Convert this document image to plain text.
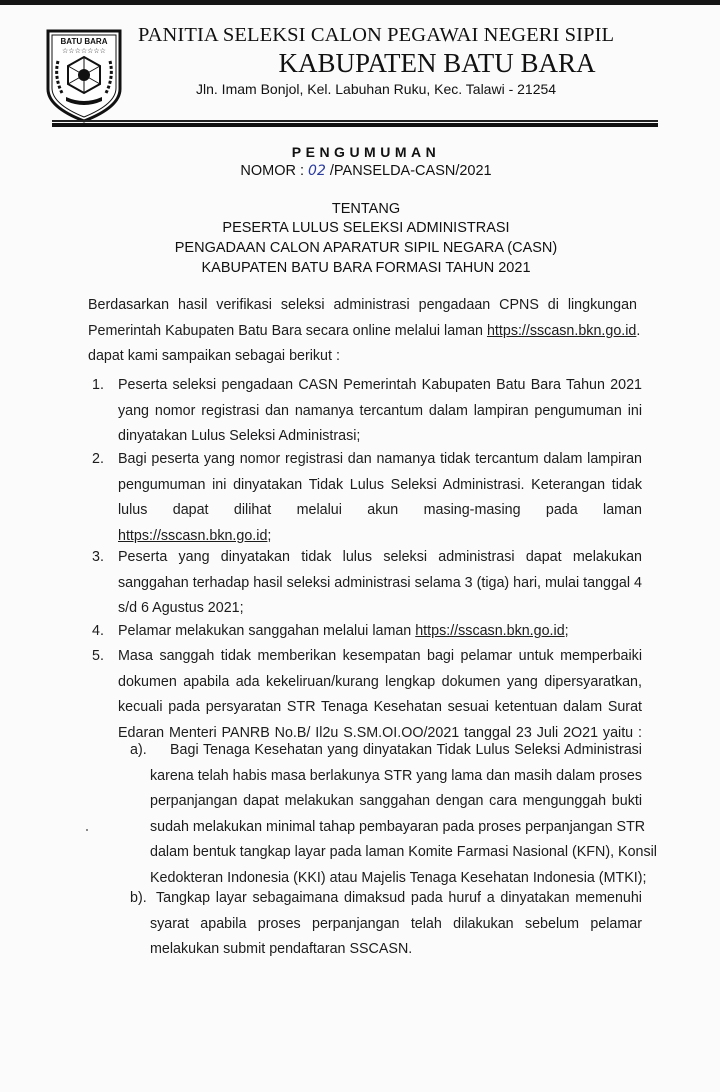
BATU BARA
☆☆☆☆☆☆☆
PANITIA SELEKSI CALON PEGAWAI NEGERI SIPIL
KABUPATEN BATU BARA
Jln. Imam Bonjol, Kel. Labuhan Ruku, Kec. Talawi - 21254
PENGUMUMAN
NOMOR : 02 /PANSELDA-CASN/2021
TENTANG
PESERTA LULUS SELEKSI ADMINISTRASI
PENGADAAN CALON APARATUR SIPIL NEGARA (CASN)
KABUPATEN BATU BARA FORMASI TAHUN 2021
Berdasarkan hasil verifikasi seleksi administrasi pengadaan CPNS di lingkungan
Pemerintah Kabupaten Batu Bara secara online melalui laman https://sscasn.bkn.go.id.
dapat kami sampaikan sebagai berikut :
1. Peserta seleksi pengadaan CASN Pemerintah Kabupaten Batu Bara Tahun 2021
yang nomor registrasi dan namanya tercantum dalam lampiran pengumuman ini
dinyatakan Lulus Seleksi Administrasi;
2. Bagi peserta yang nomor registrasi dan namanya tidak tercantum dalam lampiran
pengumuman ini dinyatakan Tidak Lulus Seleksi Administrasi. Keterangan tidak
lulus dapat dilihat melalui akun masing-masing pada laman
https://sscasn.bkn.go.id;
3. Peserta yang dinyatakan tidak lulus seleksi administrasi dapat melakukan
sanggahan terhadap hasil seleksi administrasi selama 3 (tiga) hari, mulai tanggal 4
s/d 6 Agustus 2021;
4. Pelamar melakukan sanggahan melalui laman https://sscasn.bkn.go.id;
5. Masa sanggah tidak memberikan kesempatan bagi pelamar untuk memperbaiki
dokumen apabila ada kekeliruan/kurang lengkap dokumen yang dipersyaratkan,
kecuali pada persyaratan STR Tenaga Kesehatan sesuai ketentuan dalam Surat
Edaran Menteri PANRB No.B/ Il2u S.SM.OI.OO/2021 tanggal 23 Juli 2O21 yaitu :
a). Bagi Tenaga Kesehatan yang dinyatakan Tidak Lulus Seleksi Administrasi
karena telah habis masa berlakunya STR yang lama dan masih dalam proses
perpanjangan dapat melakukan sanggahan dengan cara mengunggah bukti
sudah melakukan minimal tahap pembayaran pada proses perpanjangan STR
dalam bentuk tangkap layar pada laman Komite Farmasi Nasional (KFN), Konsil
Kedokteran Indonesia (KKI) atau Majelis Tenaga Kesehatan Indonesia (MTKI);
b). Tangkap layar sebagaimana dimaksud pada huruf a dinyatakan memenuhi
syarat apabila proses perpanjangan telah dilakukan sebelum pelamar
melakukan submit pendaftaran SSCASN.
